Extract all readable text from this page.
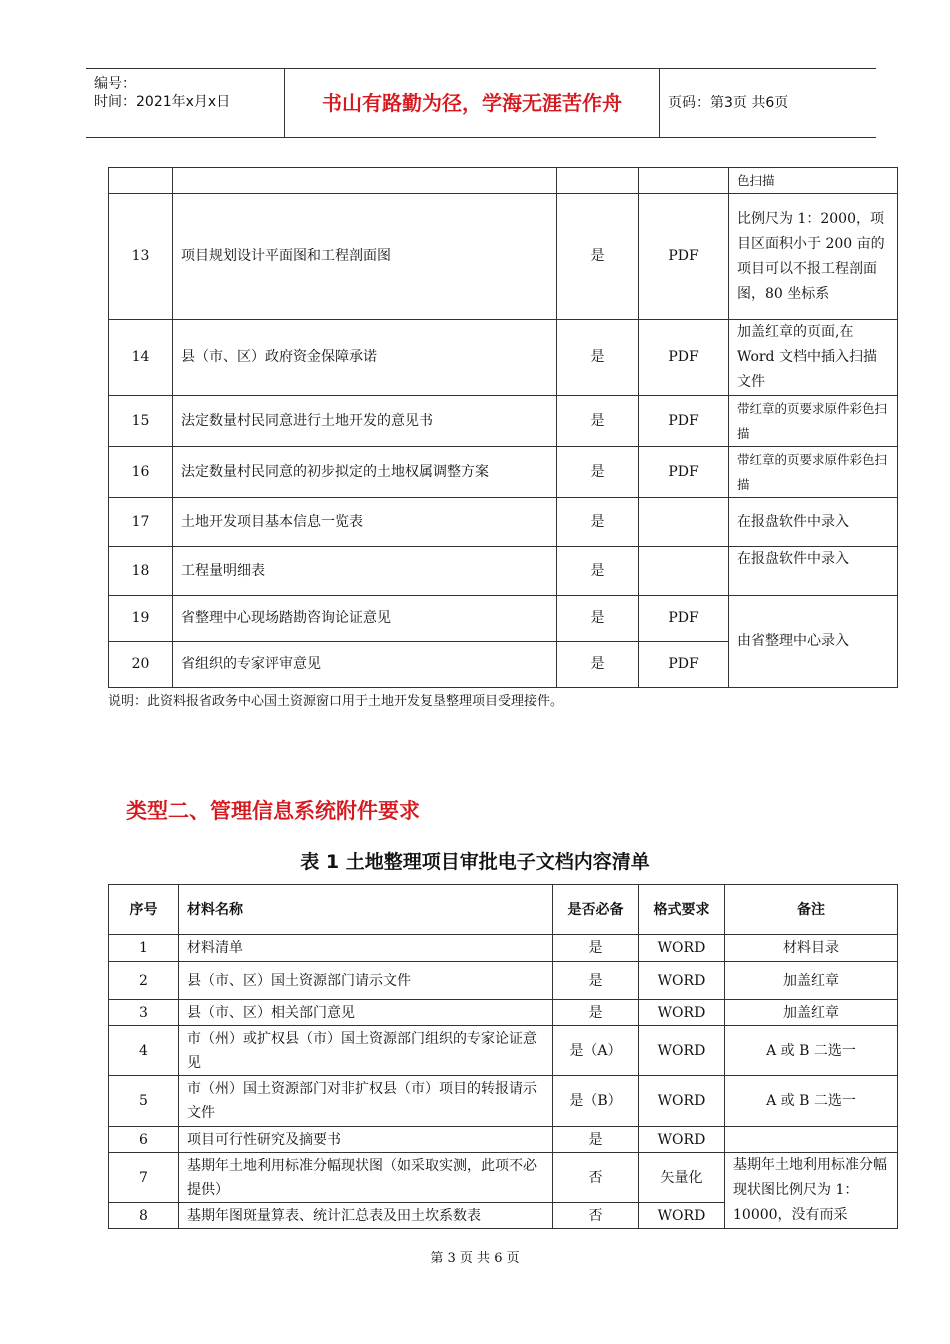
编号：
时间：2021年x月x日	书山有路勤为径，学海无涯苦作舟	页码：第3页 共6页
				色扫描
13	项目规划设计平面图和工程剖面图	是	PDF	比例尺为 1：2000，项目区面积小于 200 亩的项目可以不报工程剖面图，80 坐标系
14	县（市、区）政府资金保障承诺	是	PDF	加盖红章的页面,在 Word 文档中插入扫描文件
15	法定数量村民同意进行土地开发的意见书	是	PDF	带红章的页要求原件彩色扫描
16	法定数量村民同意的初步拟定的土地权属调整方案	是	PDF	带红章的页要求原件彩色扫描
17	土地开发项目基本信息一览表	是		在报盘软件中录入
18	工程量明细表	是		在报盘软件中录入
19	省整理中心现场踏勘咨询论证意见	是	PDF	由省整理中心录入
20	省组织的专家评审意见	是	PDF	
说明：此资料报省政务中心国土资源窗口用于土地开发复垦整理项目受理接件。
类型二、管理信息系统附件要求
表 1 土地整理项目审批电子文档内容清单
序号	材料名称	是否必备	格式要求	备注
1	材料清单	是	WORD	材料目录
2	县（市、区）国土资源部门请示文件	是	WORD	加盖红章
3	县（市、区）相关部门意见	是	WORD	加盖红章
4	市（州）或扩权县（市）国土资源部门组织的专家论证意见	是（A）	WORD	A 或 B 二选一
5	市（州）国土资源部门对非扩权县（市）项目的转报请示文件	是（B）	WORD	A 或 B 二选一
6	项目可行性研究及摘要书	是	WORD	
7	基期年土地利用标准分幅现状图（如采取实测，此项不必提供）	否	矢量化	基期年土地利用标准分幅现状图比例尺为 1：10000，没有而采
8	基期年图斑量算表、统计汇总表及田土坎系数表	否	WORD	
第 3 页 共 6 页
